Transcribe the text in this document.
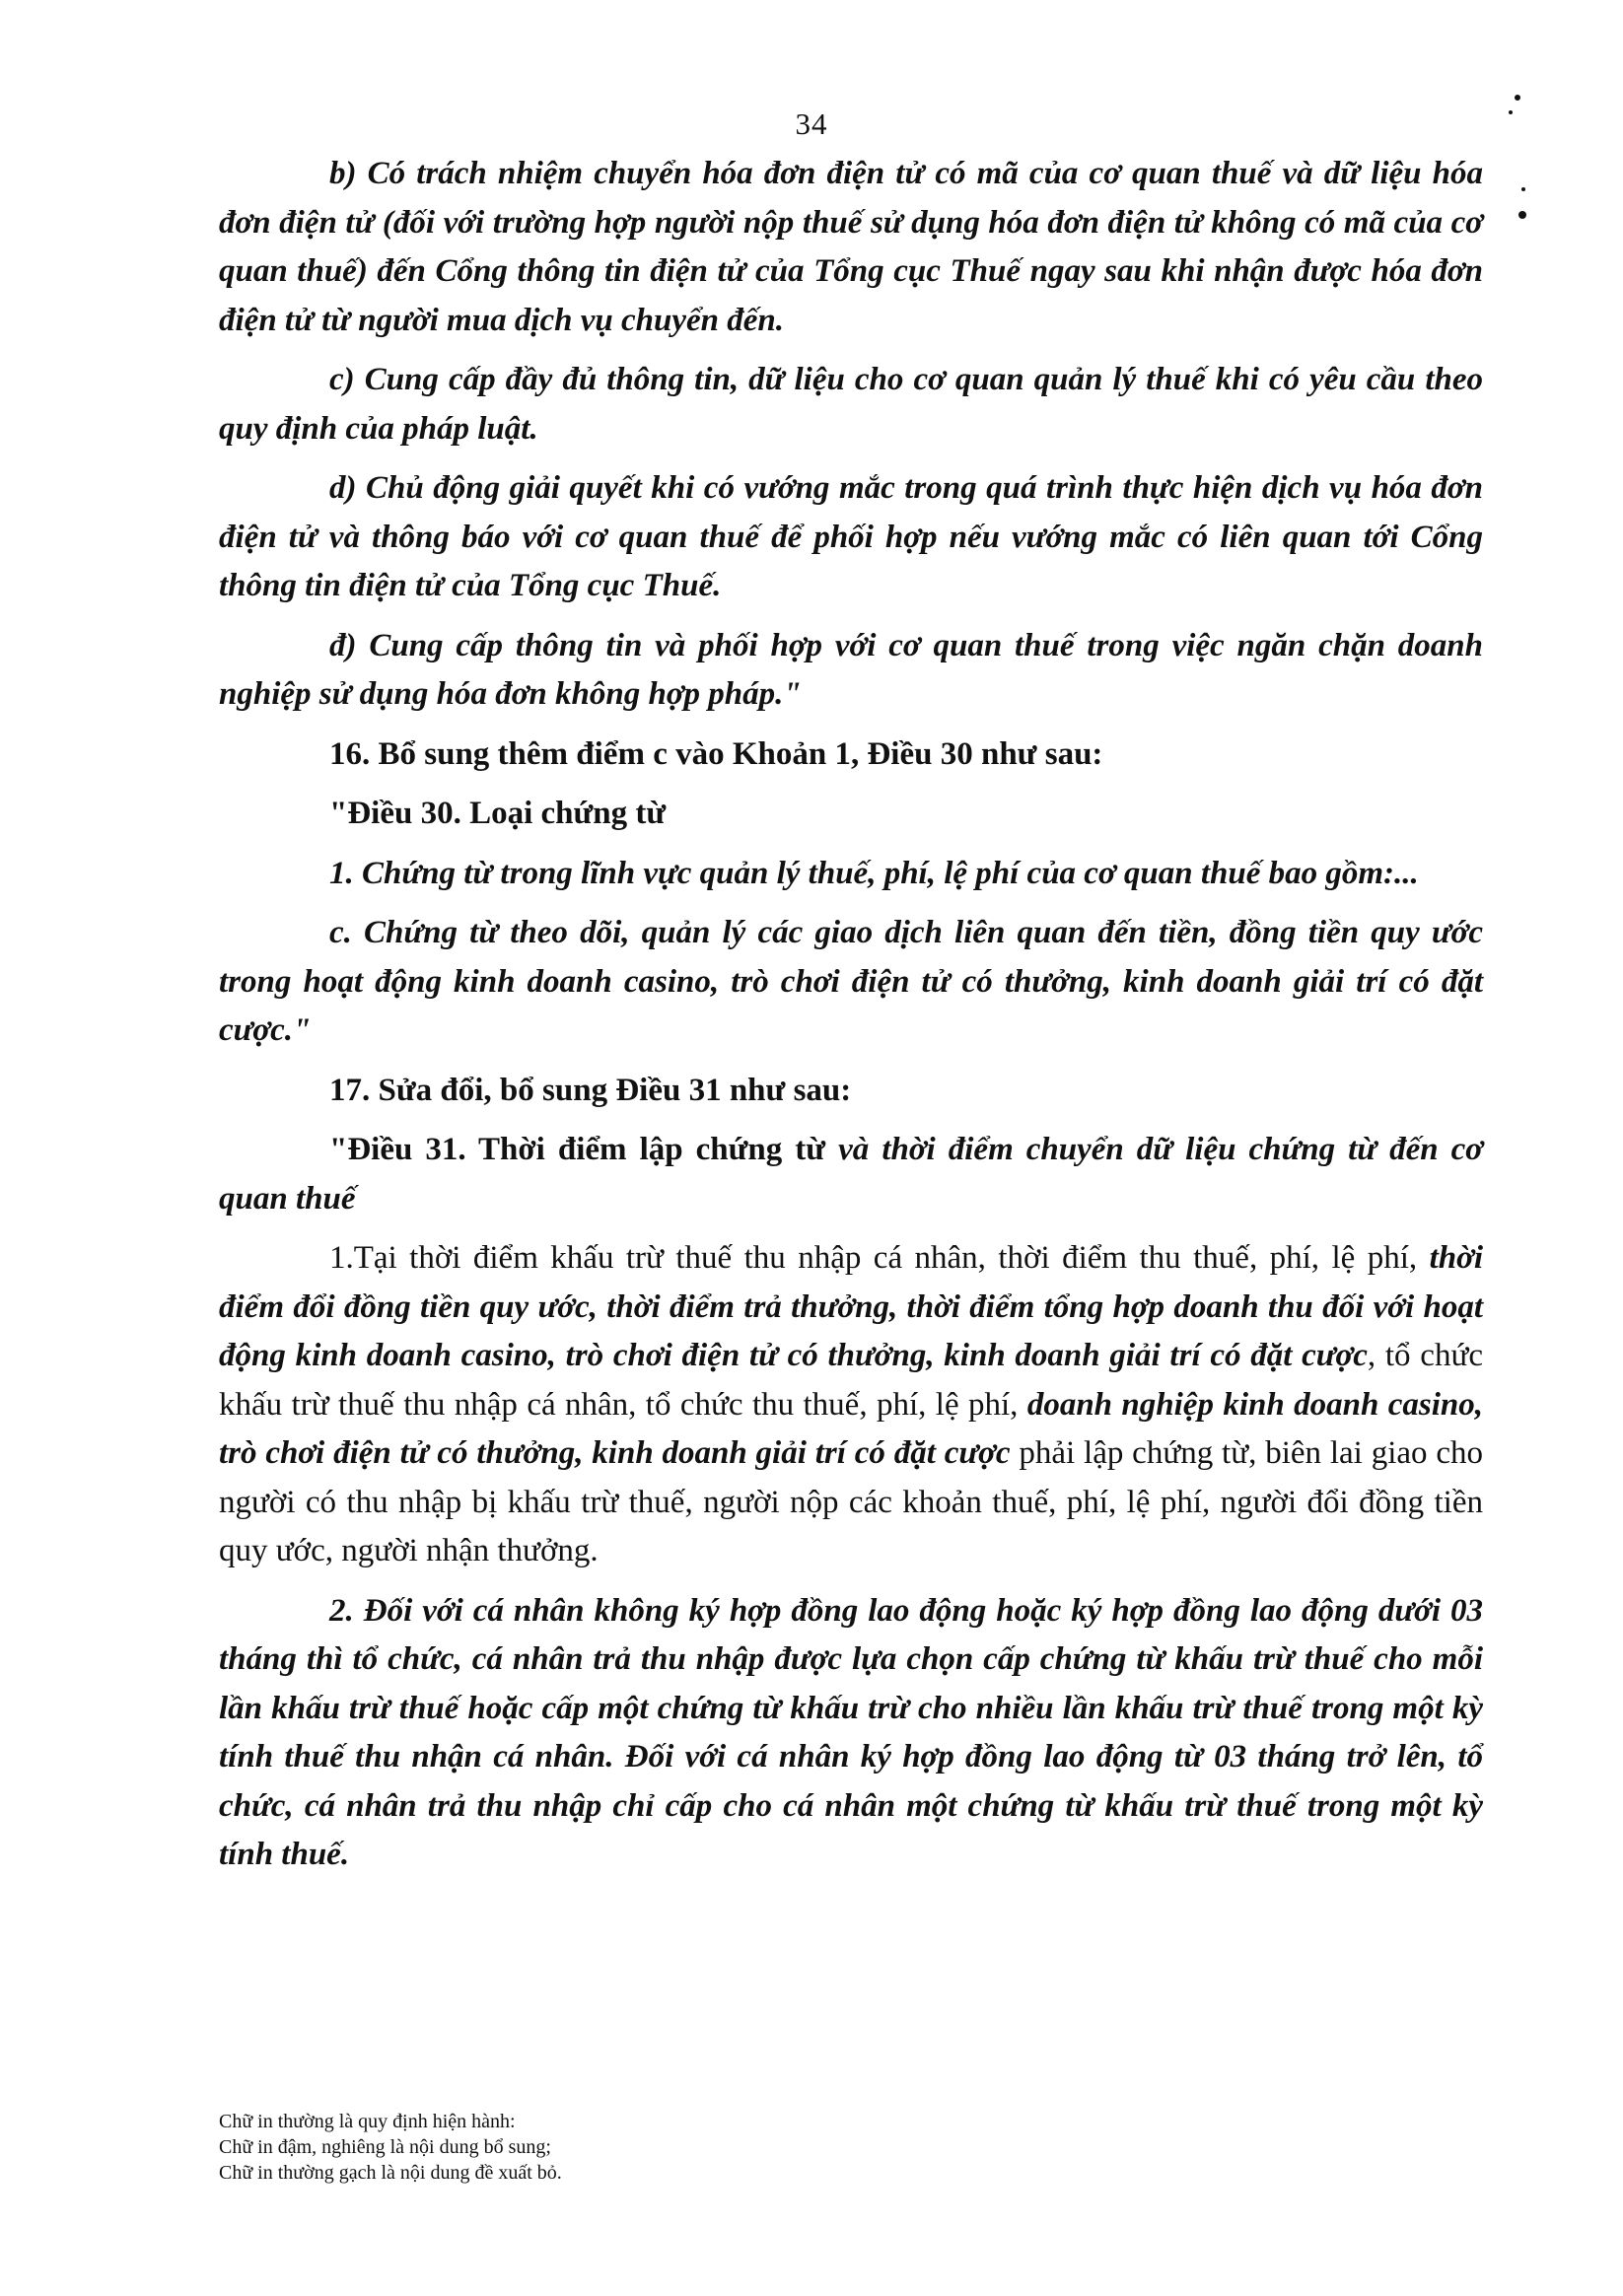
34

b) Có trách nhiệm chuyển hóa đơn điện tử có mã của cơ quan thuế và dữ liệu hóa đơn điện tử (đối với trường hợp người nộp thuế sử dụng hóa đơn điện tử không có mã của cơ quan thuế) đến Cổng thông tin điện tử của Tổng cục Thuế ngay sau khi nhận được hóa đơn điện tử từ người mua dịch vụ chuyển đến.

c) Cung cấp đầy đủ thông tin, dữ liệu cho cơ quan quản lý thuế khi có yêu cầu theo quy định của pháp luật.

d) Chủ động giải quyết khi có vướng mắc trong quá trình thực hiện dịch vụ hóa đơn điện tử và thông báo với cơ quan thuế để phối hợp nếu vướng mắc có liên quan tới Cổng thông tin điện tử của Tổng cục Thuế.

đ) Cung cấp thông tin và phối hợp với cơ quan thuế trong việc ngăn chặn doanh nghiệp sử dụng hóa đơn không hợp pháp."

16. Bổ sung thêm điểm c vào Khoản 1, Điều 30 như sau:

"Điều 30. Loại chứng từ

1. Chứng từ trong lĩnh vực quản lý thuế, phí, lệ phí của cơ quan thuế bao gồm:...

c. Chứng từ theo dõi, quản lý các giao dịch liên quan đến tiền, đồng tiền quy ước trong hoạt động kinh doanh casino, trò chơi điện tử có thưởng, kinh doanh giải trí có đặt cược."

17. Sửa đổi, bổ sung Điều 31 như sau:

"Điều 31. Thời điểm lập chứng từ và thời điểm chuyển dữ liệu chứng từ đến cơ quan thuế

1.Tại thời điểm khấu trừ thuế thu nhập cá nhân, thời điểm thu thuế, phí, lệ phí, thời điểm đổi đồng tiền quy ước, thời điểm trả thưởng, thời điểm tổng hợp doanh thu đối với hoạt động kinh doanh casino, trò chơi điện tử có thưởng, kinh doanh giải trí có đặt cược, tổ chức khấu trừ thuế thu nhập cá nhân, tổ chức thu thuế, phí, lệ phí, doanh nghiệp kinh doanh casino, trò chơi điện tử có thưởng, kinh doanh giải trí có đặt cược phải lập chứng từ, biên lai giao cho người có thu nhập bị khấu trừ thuế, người nộp các khoản thuế, phí, lệ phí, người đổi đồng tiền quy ước, người nhận thưởng.

2. Đối với cá nhân không ký hợp đồng lao động hoặc ký hợp đồng lao động dưới 03 tháng thì tổ chức, cá nhân trả thu nhập được lựa chọn cấp chứng từ khấu trừ thuế cho mỗi lần khấu trừ thuế hoặc cấp một chứng từ khấu trừ cho nhiều lần khấu trừ thuế trong một kỳ tính thuế thu nhận cá nhân. Đối với cá nhân ký hợp đồng lao động từ 03 tháng trở lên, tổ chức, cá nhân trả thu nhập chỉ cấp cho cá nhân một chứng từ khấu trừ thuế trong một kỳ tính thuế.

Chữ in thường là quy định hiện hành:
Chữ in đậm, nghiêng là nội dung bổ sung;
Chữ in thường gạch là nội dung đề xuất bỏ.
